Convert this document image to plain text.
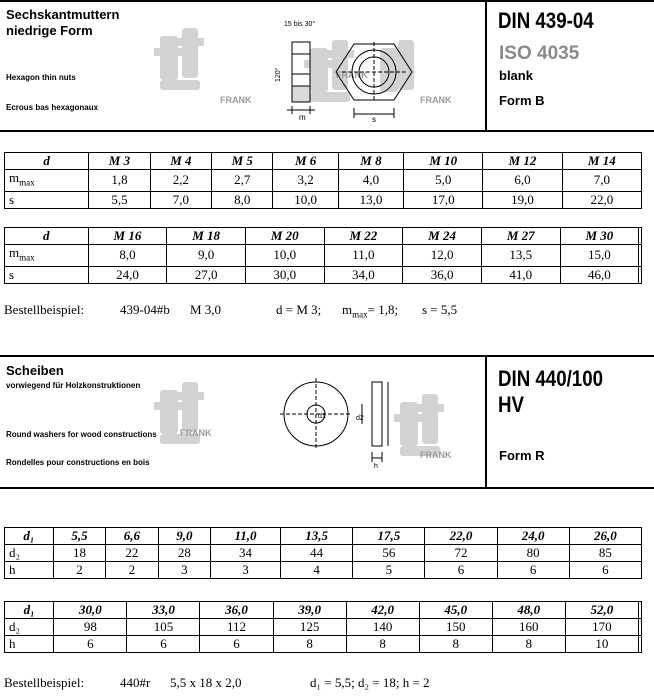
Sechskantmuttern
niedrige Form
Hexagon thin nuts
Ecrous bas hexagonaux
DIN 439-04
ISO 4035
blank
Form B
FRANK
FRANK
FRANK
15 bis 30°
120°
m	s
d	M 3	M 4	M 5	M 6	M 8	M 10	M 12	M 14
$m_{max}$	1,8	2,2	2,7	3,2	4,0	5,0	6,0	7,0
s	5,5	7,0	8,0	10,0	13,0	17,0	19,0	22,0
d	M 16	M 18	M 20	M 22	M 24	M 27	M 30	
$m_{max}$	8,0	9,0	10,0	11,0	12,0	13,5	15,0	
s	24,0	27,0	30,0	34,0	36,0	41,0	46,0	
Bestellbeispiel:	439-04#b M 3,0	d = M 3; $m_{max}= 1,8$; s = 5,5
Scheiben
vorwiegend für Holzkonstruktionen
Round washers for wood constructions
Rondelles pour constructions en bois
DIN 440/100 HV
Form R
FRANK
FRANK
d1	d2
h
d₁	5,5	6,6	9,0	11,0	13,5	17,5	22,0	24,0	26,0
d₂	18	22	28	34	44	56	72	80	85
h	2	2	3	3	4	5	6	6	6
d₁	30,0	33,0	36,0	39,0	42,0	45,0	48,0	52,0	
d₂	98	105	112	125	140	150	160	170	
h	6	6	6	8	8	8	8	10	
Bestellbeispiel:	440#r 5,5 x 18 x 2,0	d₁ = 5,5; d₂ = 18; h = 2
